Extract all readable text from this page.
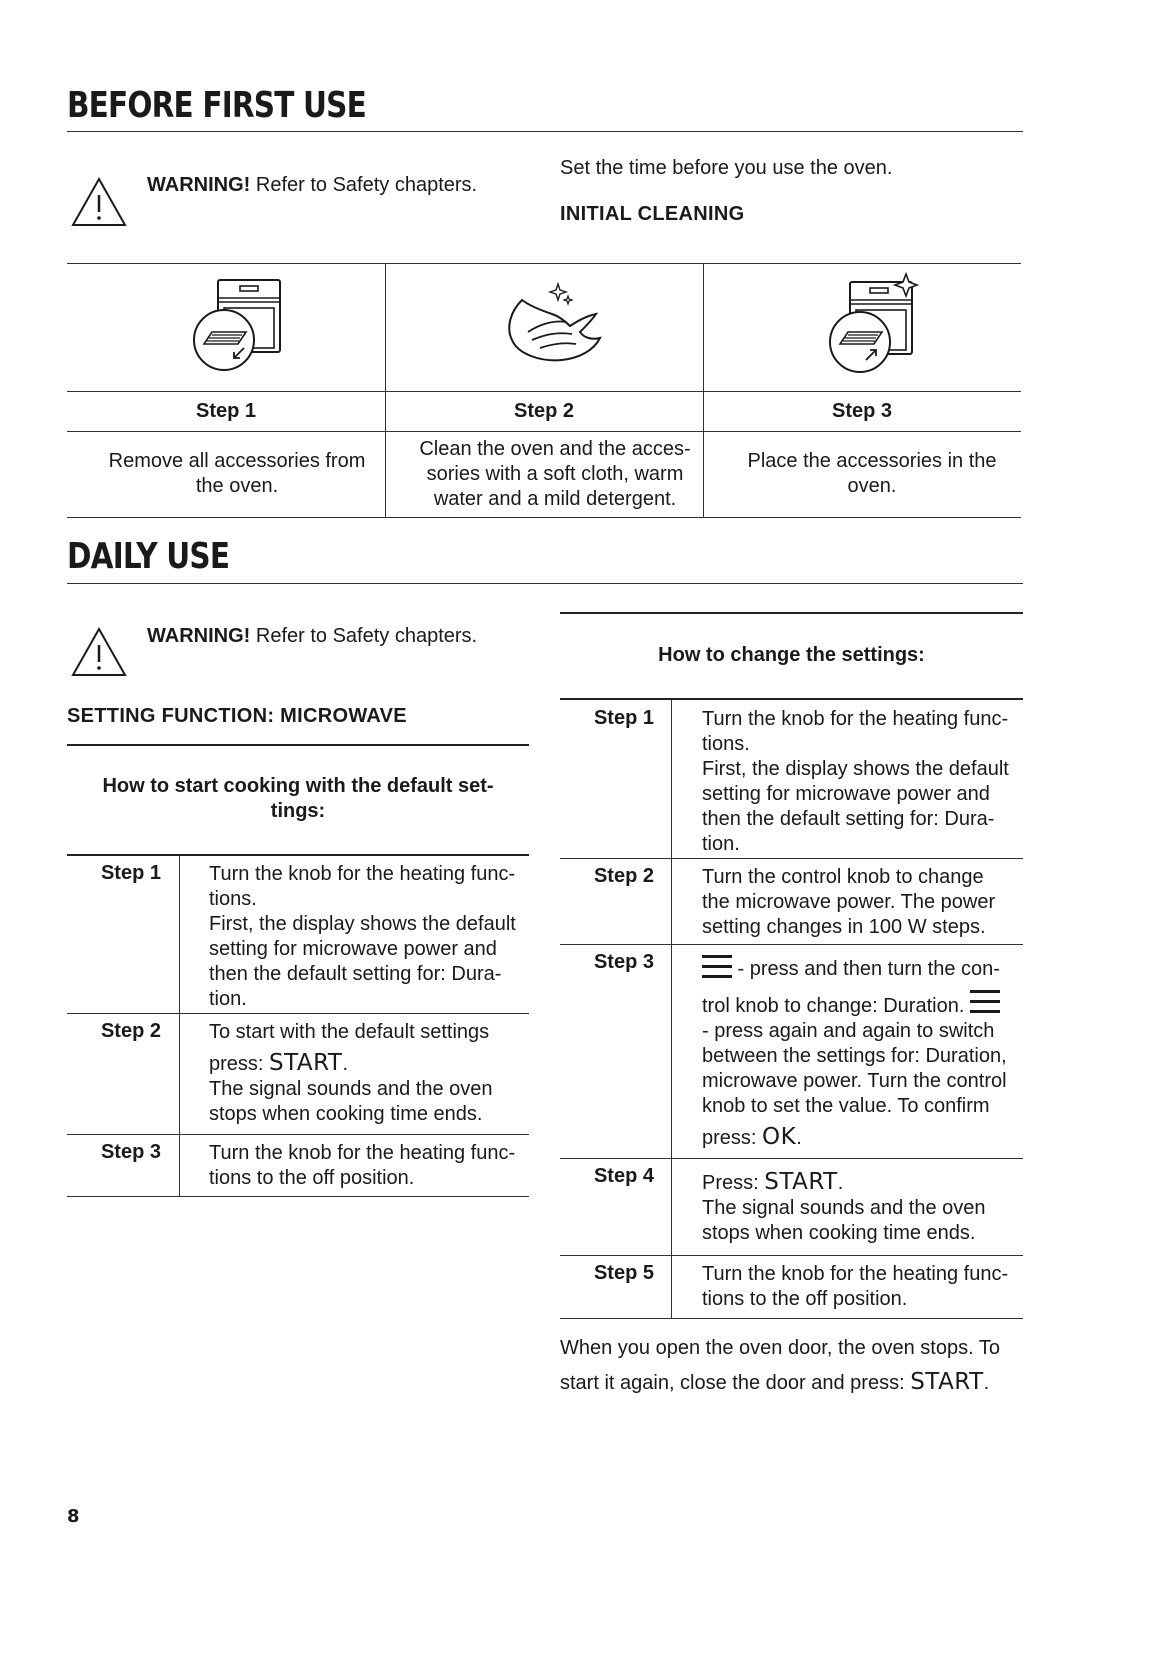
BEFORE FIRST USE
WARNING! Refer to Safety chapters.
Set the time before you use the oven.
INITIAL CLEANING
Step 1	Step 2	Step 3
Remove all accessories from the oven.
Clean the oven and the acces-sories with a soft cloth, warm water and a mild detergent.
Place the accessories in the oven.
DAILY USE
WARNING! Refer to Safety chapters.
SETTING FUNCTION: MICROWAVE
How to start cooking with the default set-tings:
Step 1 Turn the knob for the heating func-
tions.
First, the display shows the default
setting for microwave power and
then the default setting for: Dura-
tion.
Step 2 To start with the default settings
press: START.
The signal sounds and the oven
stops when cooking time ends.
Step 3 Turn the knob for the heating func-
tions to the off position.
How to change the settings:
Step 1 Turn the knob for the heating func-
tions.
First, the display shows the default
setting for microwave power and
then the default setting for: Dura-
tion.
Step 2 Turn the control knob to change
the microwave power. The power
setting changes in 100 W steps.
Step 3	- press and then turn the con-
trol knob to change: Duration.
- press again and again to switch
between the settings for: Duration,
microwave power. Turn the control
knob to set the value. To confirm
press: OK.
Step 4 Press: START.
The signal sounds and the oven
stops when cooking time ends.
Step 5 Turn the knob for the heating func-
tions to the off position.
When you open the oven door, the oven stops. To
start it again, close the door and press: START.
8
